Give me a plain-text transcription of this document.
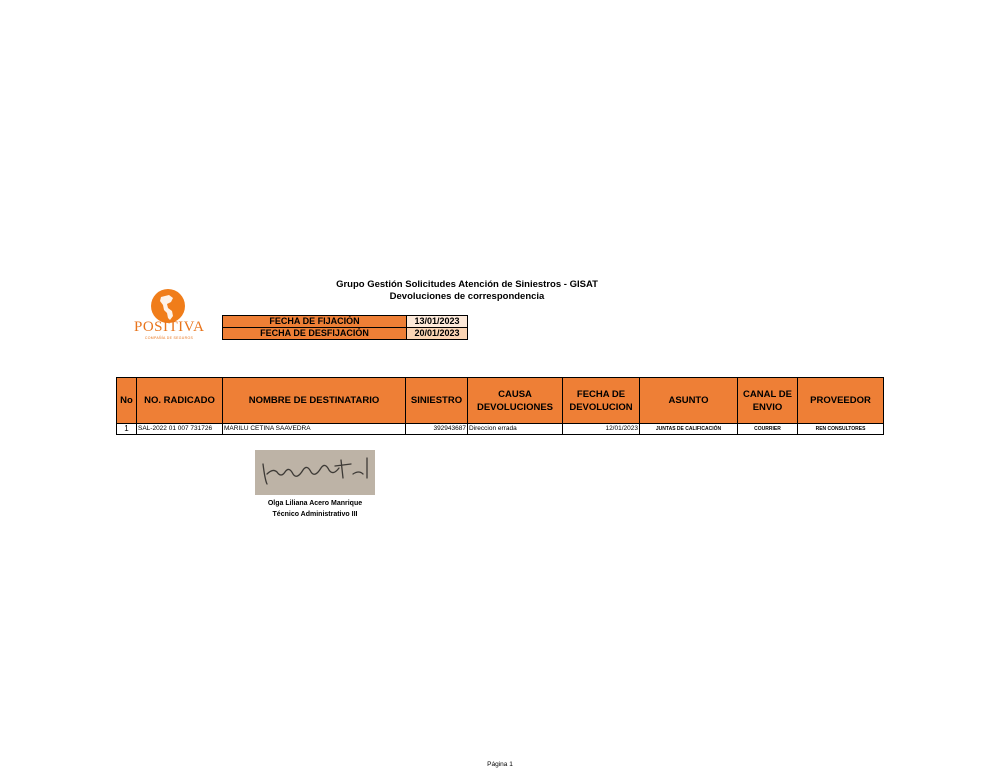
Grupo Gestión Solicitudes Atención de Siniestros - GISAT
Devoluciones de correspondencia
POSITIVA
COMPAÑÍA DE SEGUROS
FECHA DE FIJACIÓN	13/01/2023
FECHA DE DESFIJACIÓN	20/01/2023
No	NO. RADICADO	NOMBRE DE DESTINATARIO	SINIESTRO	CAUSA DEVOLUCIONES	FECHA DE DEVOLUCION	ASUNTO	CANAL DE ENVIO	PROVEEDOR
1	SAL-2022 01 007 731726	MARILU CETINA SAAVEDRA	392943687	Direccion errada	12/01/2023	JUNTAS DE CALIFICACIÓN	COURRIER	REN CONSULTORES
Olga Liliana Acero Manrique
Técnico Administrativo III
Página 1
